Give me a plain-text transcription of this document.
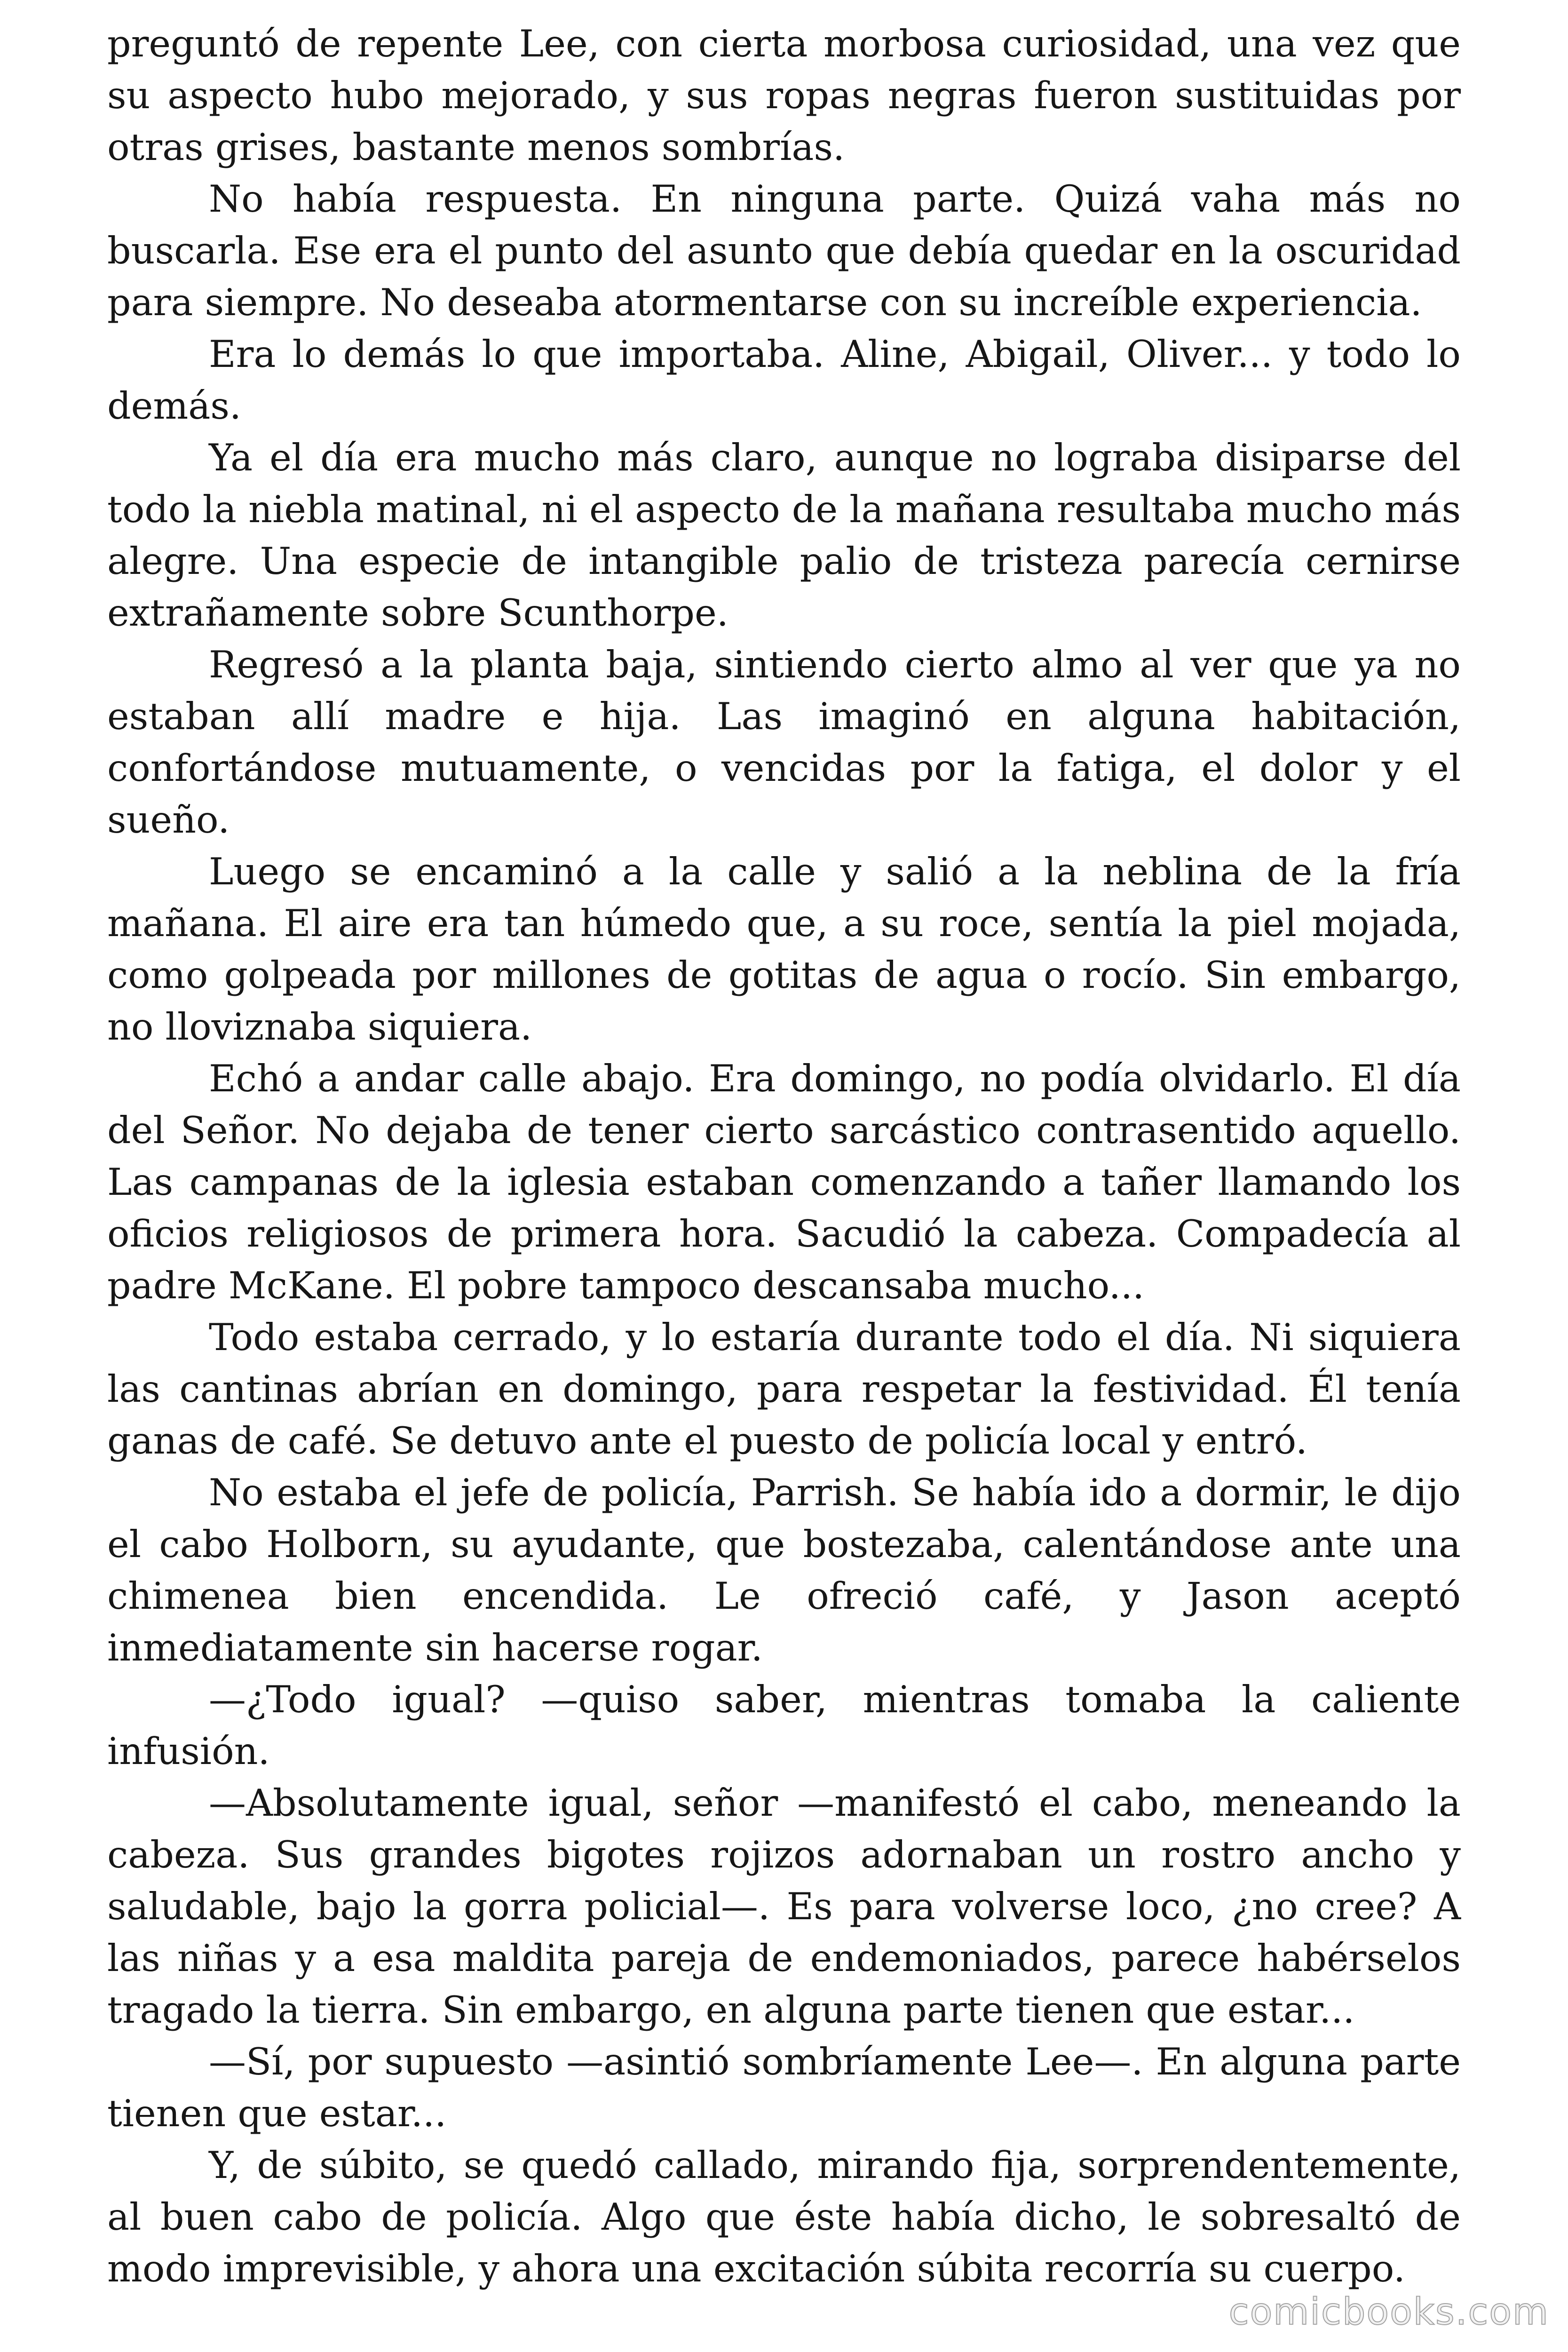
preguntó de repente Lee, con cierta morbosa curiosidad, una vez que su aspecto hubo mejorado, y sus ropas negras fueron sustituidas por otras grises, bastante menos sombrías.

No había respuesta. En ninguna parte. Quizá vaha más no buscarla. Ese era el punto del asunto que debía quedar en la oscuridad para siempre. No deseaba atormentarse con su increíble experiencia.

Era lo demás lo que importaba. Aline, Abigail, Oliver... y todo lo demás.

Ya el día era mucho más claro, aunque no lograba disiparse del todo la niebla matinal, ni el aspecto de la mañana resultaba mucho más alegre. Una especie de intangible palio de tristeza parecía cernirse extrañamente sobre Scunthorpe.

Regresó a la planta baja, sintiendo cierto almo al ver que ya no estaban allí madre e hija. Las imaginó en alguna habitación, confortándose mutuamente, o vencidas por la fatiga, el dolor y el sueño.

Luego se encaminó a la calle y salió a la neblina de la fría mañana. El aire era tan húmedo que, a su roce, sentía la piel mojada, como golpeada por millones de gotitas de agua o rocío. Sin embargo, no lloviznaba siquiera.

Echó a andar calle abajo. Era domingo, no podía olvidarlo. El día del Señor. No dejaba de tener cierto sarcástico contrasentido aquello. Las campanas de la iglesia estaban comenzando a tañer llamando los oficios religiosos de primera hora. Sacudió la cabeza. Compadecía al padre McKane. El pobre tampoco descansaba mucho...

Todo estaba cerrado, y lo estaría durante todo el día. Ni siquiera las cantinas abrían en domingo, para respetar la festividad. Él tenía ganas de café. Se detuvo ante el puesto de policía local y entró.

No estaba el jefe de policía, Parrish. Se había ido a dormir, le dijo el cabo Holborn, su ayudante, que bostezaba, calentándose ante una chimenea bien encendida. Le ofreció café, y Jason aceptó inmediatamente sin hacerse rogar.

—¿Todo igual? —quiso saber, mientras tomaba la caliente infusión.

—Absolutamente igual, señor —manifestó el cabo, meneando la cabeza. Sus grandes bigotes rojizos adornaban un rostro ancho y saludable, bajo la gorra policial—. Es para volverse loco, ¿no cree? A las niñas y a esa maldita pareja de endemoniados, parece habérselos tragado la tierra. Sin embargo, en alguna parte tienen que estar...

—Sí, por supuesto —asintió sombríamente Lee—. En alguna parte tienen que estar...

Y, de súbito, se quedó callado, mirando fija, sorprendentemente, al buen cabo de policía. Algo que éste había dicho, le sobresaltó de modo imprevisible, y ahora una excitación súbita recorría su cuerpo.

comicbooks.com
